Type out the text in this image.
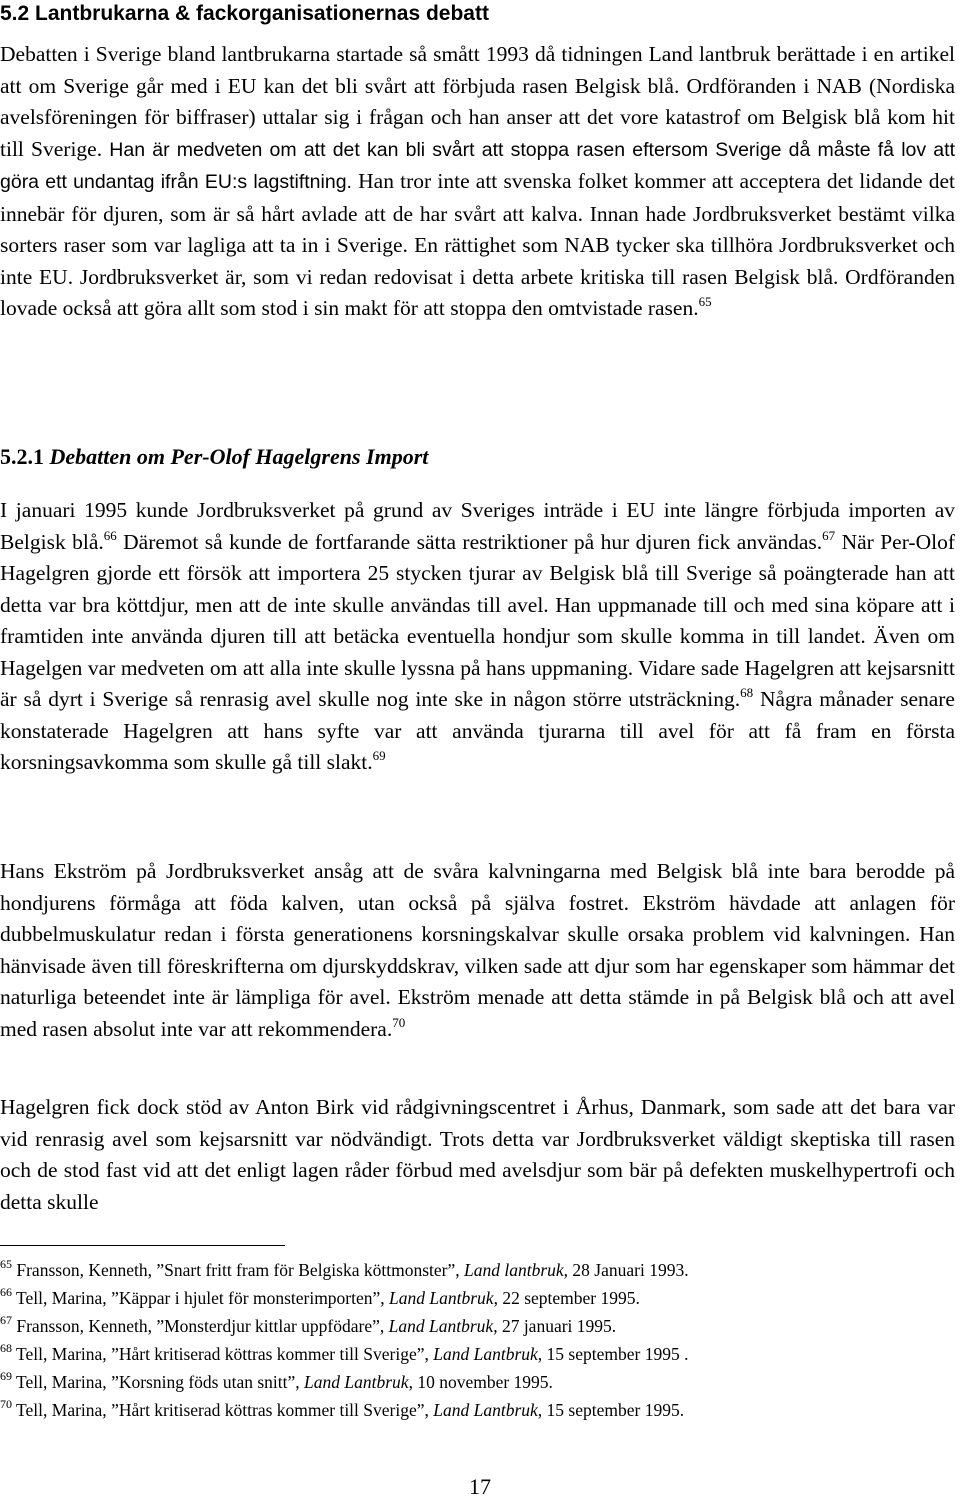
5.2 Lantbrukarna & fackorganisationernas debatt

Debatten i Sverige bland lantbrukarna startade så smått 1993 då tidningen Land lantbruk berättade i en artikel att om Sverige går med i EU kan det bli svårt att förbjuda rasen Belgisk blå. Ordföranden i NAB (Nordiska avelsföreningen för biffraser) uttalar sig i frågan och han anser att det vore katastrof om Belgisk blå kom hit till Sverige. Han är medveten om att det kan bli svårt att stoppa rasen eftersom Sverige då måste få lov att göra ett undantag ifrån EU:s lagstiftning. Han tror inte att svenska folket kommer att acceptera det lidande det innebär för djuren, som är så hårt avlade att de har svårt att kalva. Innan hade Jordbruksverket bestämt vilka sorters raser som var lagliga att ta in i Sverige. En rättighet som NAB tycker ska tillhöra Jordbruksverket och inte EU. Jordbruksverket är, som vi redan redovisat i detta arbete kritiska till rasen Belgisk blå. Ordföranden lovade också att göra allt som stod i sin makt för att stoppa den omtvistade rasen.$^{65}$

5.2.1 Debatten om Per-Olof Hagelgrens Import

I januari 1995 kunde Jordbruksverket på grund av Sveriges inträde i EU inte längre förbjuda importen av Belgisk blå.$^{66}$ Däremot så kunde de fortfarande sätta restriktioner på hur djuren fick användas.$^{67}$ När Per-Olof Hagelgren gjorde ett försök att importera 25 stycken tjurar av Belgisk blå till Sverige så poängterade han att detta var bra köttdjur, men att de inte skulle användas till avel. Han uppmanade till och med sina köpare att i framtiden inte använda djuren till att betäcka eventuella hondjur som skulle komma in till landet. Även om Hagelgen var medveten om att alla inte skulle lyssna på hans uppmaning. Vidare sade Hagelgren att kejsarsnitt är så dyrt i Sverige så renrasig avel skulle nog inte ske in någon större utsträckning.$^{68}$ Några månader senare konstaterade Hagelgren att hans syfte var att använda tjurarna till avel för att få fram en första korsningsavkomma som skulle gå till slakt.$^{69}$

Hans Ekström på Jordbruksverket ansåg att de svåra kalvningarna med Belgisk blå inte bara berodde på hondjurens förmåga att föda kalven, utan också på själva fostret. Ekström hävdade att anlagen för dubbelmuskulatur redan i första generationens korsningskalvar skulle orsaka problem vid kalvningen. Han hänvisade även till föreskrifterna om djurskyddskrav, vilken sade att djur som har egenskaper som hämmar det naturliga beteendet inte är lämpliga för avel. Ekström menade att detta stämde in på Belgisk blå och att avel med rasen absolut inte var att rekommendera.$^{70}$

Hagelgren fick dock stöd av Anton Birk vid rådgivningscentret i Århus, Danmark, som sade att det bara var vid renrasig avel som kejsarsnitt var nödvändigt. Trots detta var Jordbruksverket väldigt skeptiska till rasen och de stod fast vid att det enligt lagen råder förbud med avelsdjur som bär på defekten muskelhypertrofi och detta skulle

$^{65}$ Fransson, Kenneth, ”Snart fritt fram för Belgiska köttmonster”, Land lantbruk, 28 Januari 1993.
$^{66}$ Tell, Marina, ”Käppar i hjulet för monsterimporten”, Land Lantbruk, 22 september 1995.
$^{67}$ Fransson, Kenneth, ”Monsterdjur kittlar uppfödare”, Land Lantbruk, 27 januari 1995.
$^{68}$ Tell, Marina, ”Hårt kritiserad köttras kommer till Sverige”, Land Lantbruk, 15 september 1995 .
$^{69}$ Tell, Marina, ”Korsning föds utan snitt”, Land Lantbruk, 10 november 1995.
$^{70}$ Tell, Marina, ”Hårt kritiserad köttras kommer till Sverige”, Land Lantbruk, 15 september 1995.
17
